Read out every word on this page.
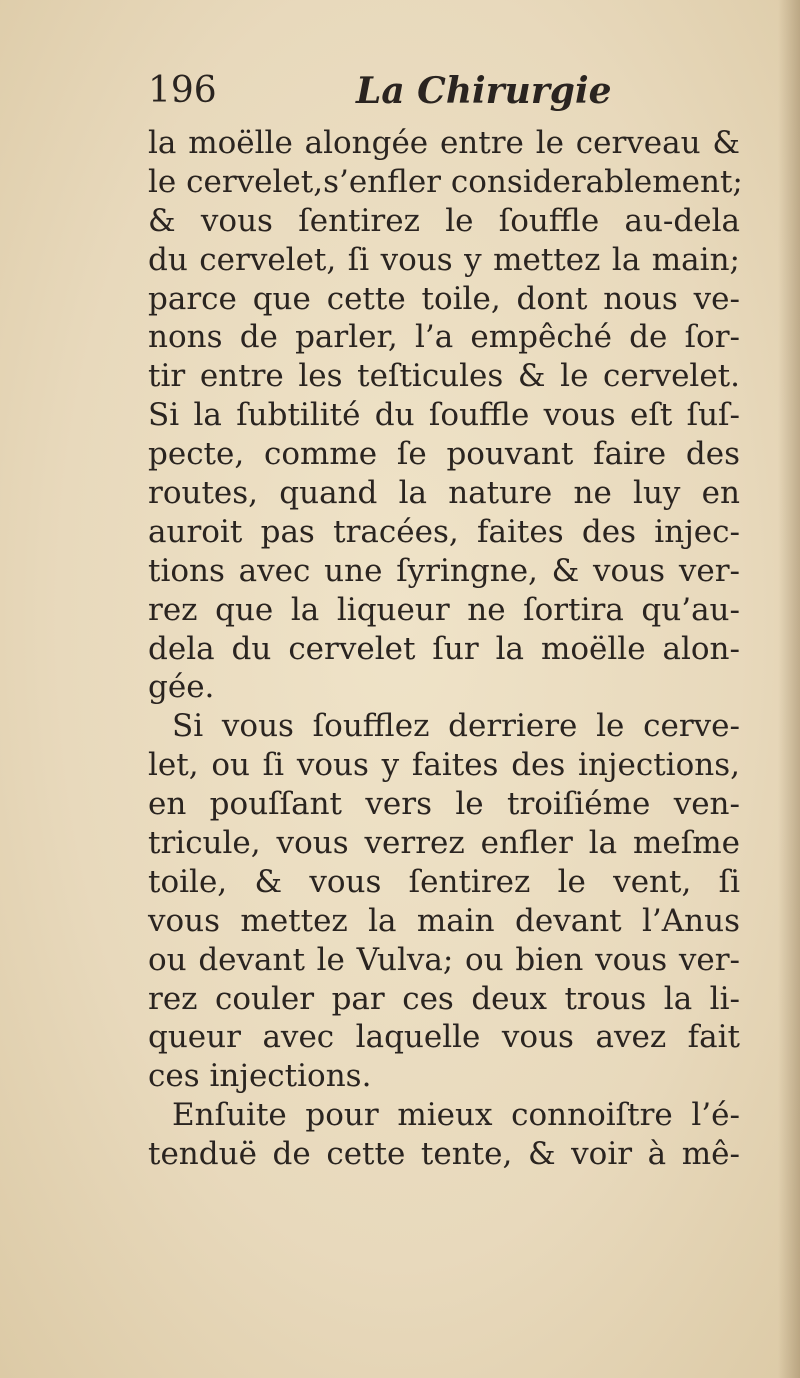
196	La Chirurgie
la moëlle alongée entre le cerveau &
le cervelet,s’enfler considerablement;
& vous ſentirez le ſouffle au-dela
du cervelet, ſi vous y mettez la main;
parce que cette toile, dont nous ve-
nons de parler, l’a empêché de ſor-
tir entre les teſticules & le cervelet.
Si la ſubtilité du ſouffle vous eſt ſuſ-
pecte, comme ſe pouvant faire des
routes, quand la nature ne luy en
auroit pas tracées, faites des injec-
tions avec une ſyringne, & vous ver-
rez que la liqueur ne ſortira qu’au-
dela du cervelet ſur la moëlle alon-
gée.
Si vous ſoufflez derriere le cerve-
let, ou ſi vous y faites des injections,
en pouſſant vers le troiſiéme ven-
tricule, vous verrez enfler la meſme
toile, & vous ſentirez le vent, ſi
vous mettez la main devant l’Anus
ou devant le Vulva; ou bien vous ver-
rez couler par ces deux trous la li-
queur avec laquelle vous avez fait
ces injections.
Enſuite pour mieux connoiſtre l’é-
tenduë de cette tente, & voir à mê-
